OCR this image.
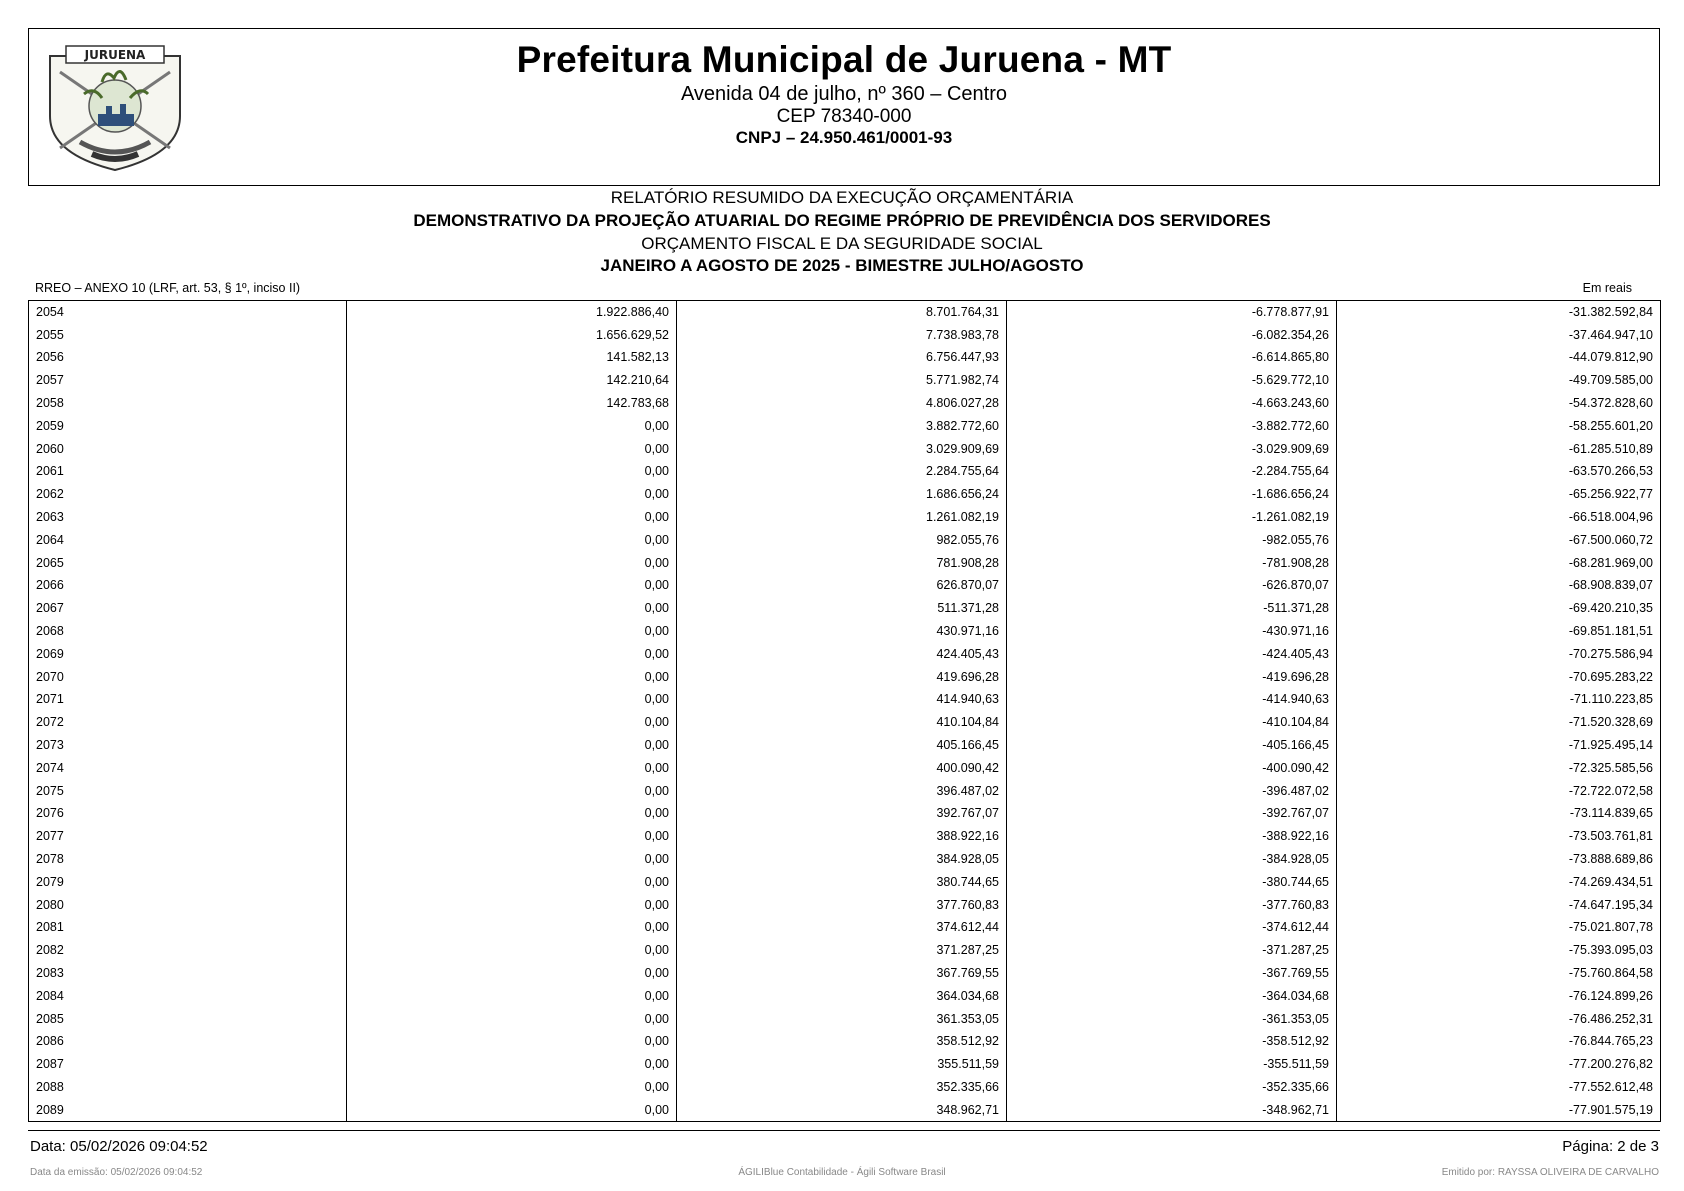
JURUENA	Prefeitura Municipal de Juruena - MT
Avenida 04 de julho, nº 360 – Centro
CEP 78340-000
CNPJ – 24.950.461/0001-93
RELATÓRIO RESUMIDO DA EXECUÇÃO ORÇAMENTÁRIA
DEMONSTRATIVO DA PROJEÇÃO ATUARIAL DO REGIME PRÓPRIO DE PREVIDÊNCIA DOS SERVIDORES
ORÇAMENTO FISCAL E DA SEGURIDADE SOCIAL
JANEIRO A AGOSTO DE 2025 - BIMESTRE JULHO/AGOSTO
RREO – ANEXO 10 (LRF, art. 53, § 1º, inciso II)	Em reais
2054	1.922.886,40	8.701.764,31	-6.778.877,91	-31.382.592,84
2055	1.656.629,52	7.738.983,78	-6.082.354,26	-37.464.947,10
2056	141.582,13	6.756.447,93	-6.614.865,80	-44.079.812,90
2057	142.210,64	5.771.982,74	-5.629.772,10	-49.709.585,00
2058	142.783,68	4.806.027,28	-4.663.243,60	-54.372.828,60
2059	0,00	3.882.772,60	-3.882.772,60	-58.255.601,20
2060	0,00	3.029.909,69	-3.029.909,69	-61.285.510,89
2061	0,00	2.284.755,64	-2.284.755,64	-63.570.266,53
2062	0,00	1.686.656,24	-1.686.656,24	-65.256.922,77
2063	0,00	1.261.082,19	-1.261.082,19	-66.518.004,96
2064	0,00	982.055,76	-982.055,76	-67.500.060,72
2065	0,00	781.908,28	-781.908,28	-68.281.969,00
2066	0,00	626.870,07	-626.870,07	-68.908.839,07
2067	0,00	511.371,28	-511.371,28	-69.420.210,35
2068	0,00	430.971,16	-430.971,16	-69.851.181,51
2069	0,00	424.405,43	-424.405,43	-70.275.586,94
2070	0,00	419.696,28	-419.696,28	-70.695.283,22
2071	0,00	414.940,63	-414.940,63	-71.110.223,85
2072	0,00	410.104,84	-410.104,84	-71.520.328,69
2073	0,00	405.166,45	-405.166,45	-71.925.495,14
2074	0,00	400.090,42	-400.090,42	-72.325.585,56
2075	0,00	396.487,02	-396.487,02	-72.722.072,58
2076	0,00	392.767,07	-392.767,07	-73.114.839,65
2077	0,00	388.922,16	-388.922,16	-73.503.761,81
2078	0,00	384.928,05	-384.928,05	-73.888.689,86
2079	0,00	380.744,65	-380.744,65	-74.269.434,51
2080	0,00	377.760,83	-377.760,83	-74.647.195,34
2081	0,00	374.612,44	-374.612,44	-75.021.807,78
2082	0,00	371.287,25	-371.287,25	-75.393.095,03
2083	0,00	367.769,55	-367.769,55	-75.760.864,58
2084	0,00	364.034,68	-364.034,68	-76.124.899,26
2085	0,00	361.353,05	-361.353,05	-76.486.252,31
2086	0,00	358.512,92	-358.512,92	-76.844.765,23
2087	0,00	355.511,59	-355.511,59	-77.200.276,82
2088	0,00	352.335,66	-352.335,66	-77.552.612,48
2089	0,00	348.962,71	-348.962,71	-77.901.575,19
Data: 05/02/2026 09:04:52	Página: 2 de 3
Data da emissão: 05/02/2026 09:04:52	ÁGILIBlue Contabilidade - Ágili Software Brasil	Emitido por: RAYSSA OLIVEIRA DE CARVALHO
